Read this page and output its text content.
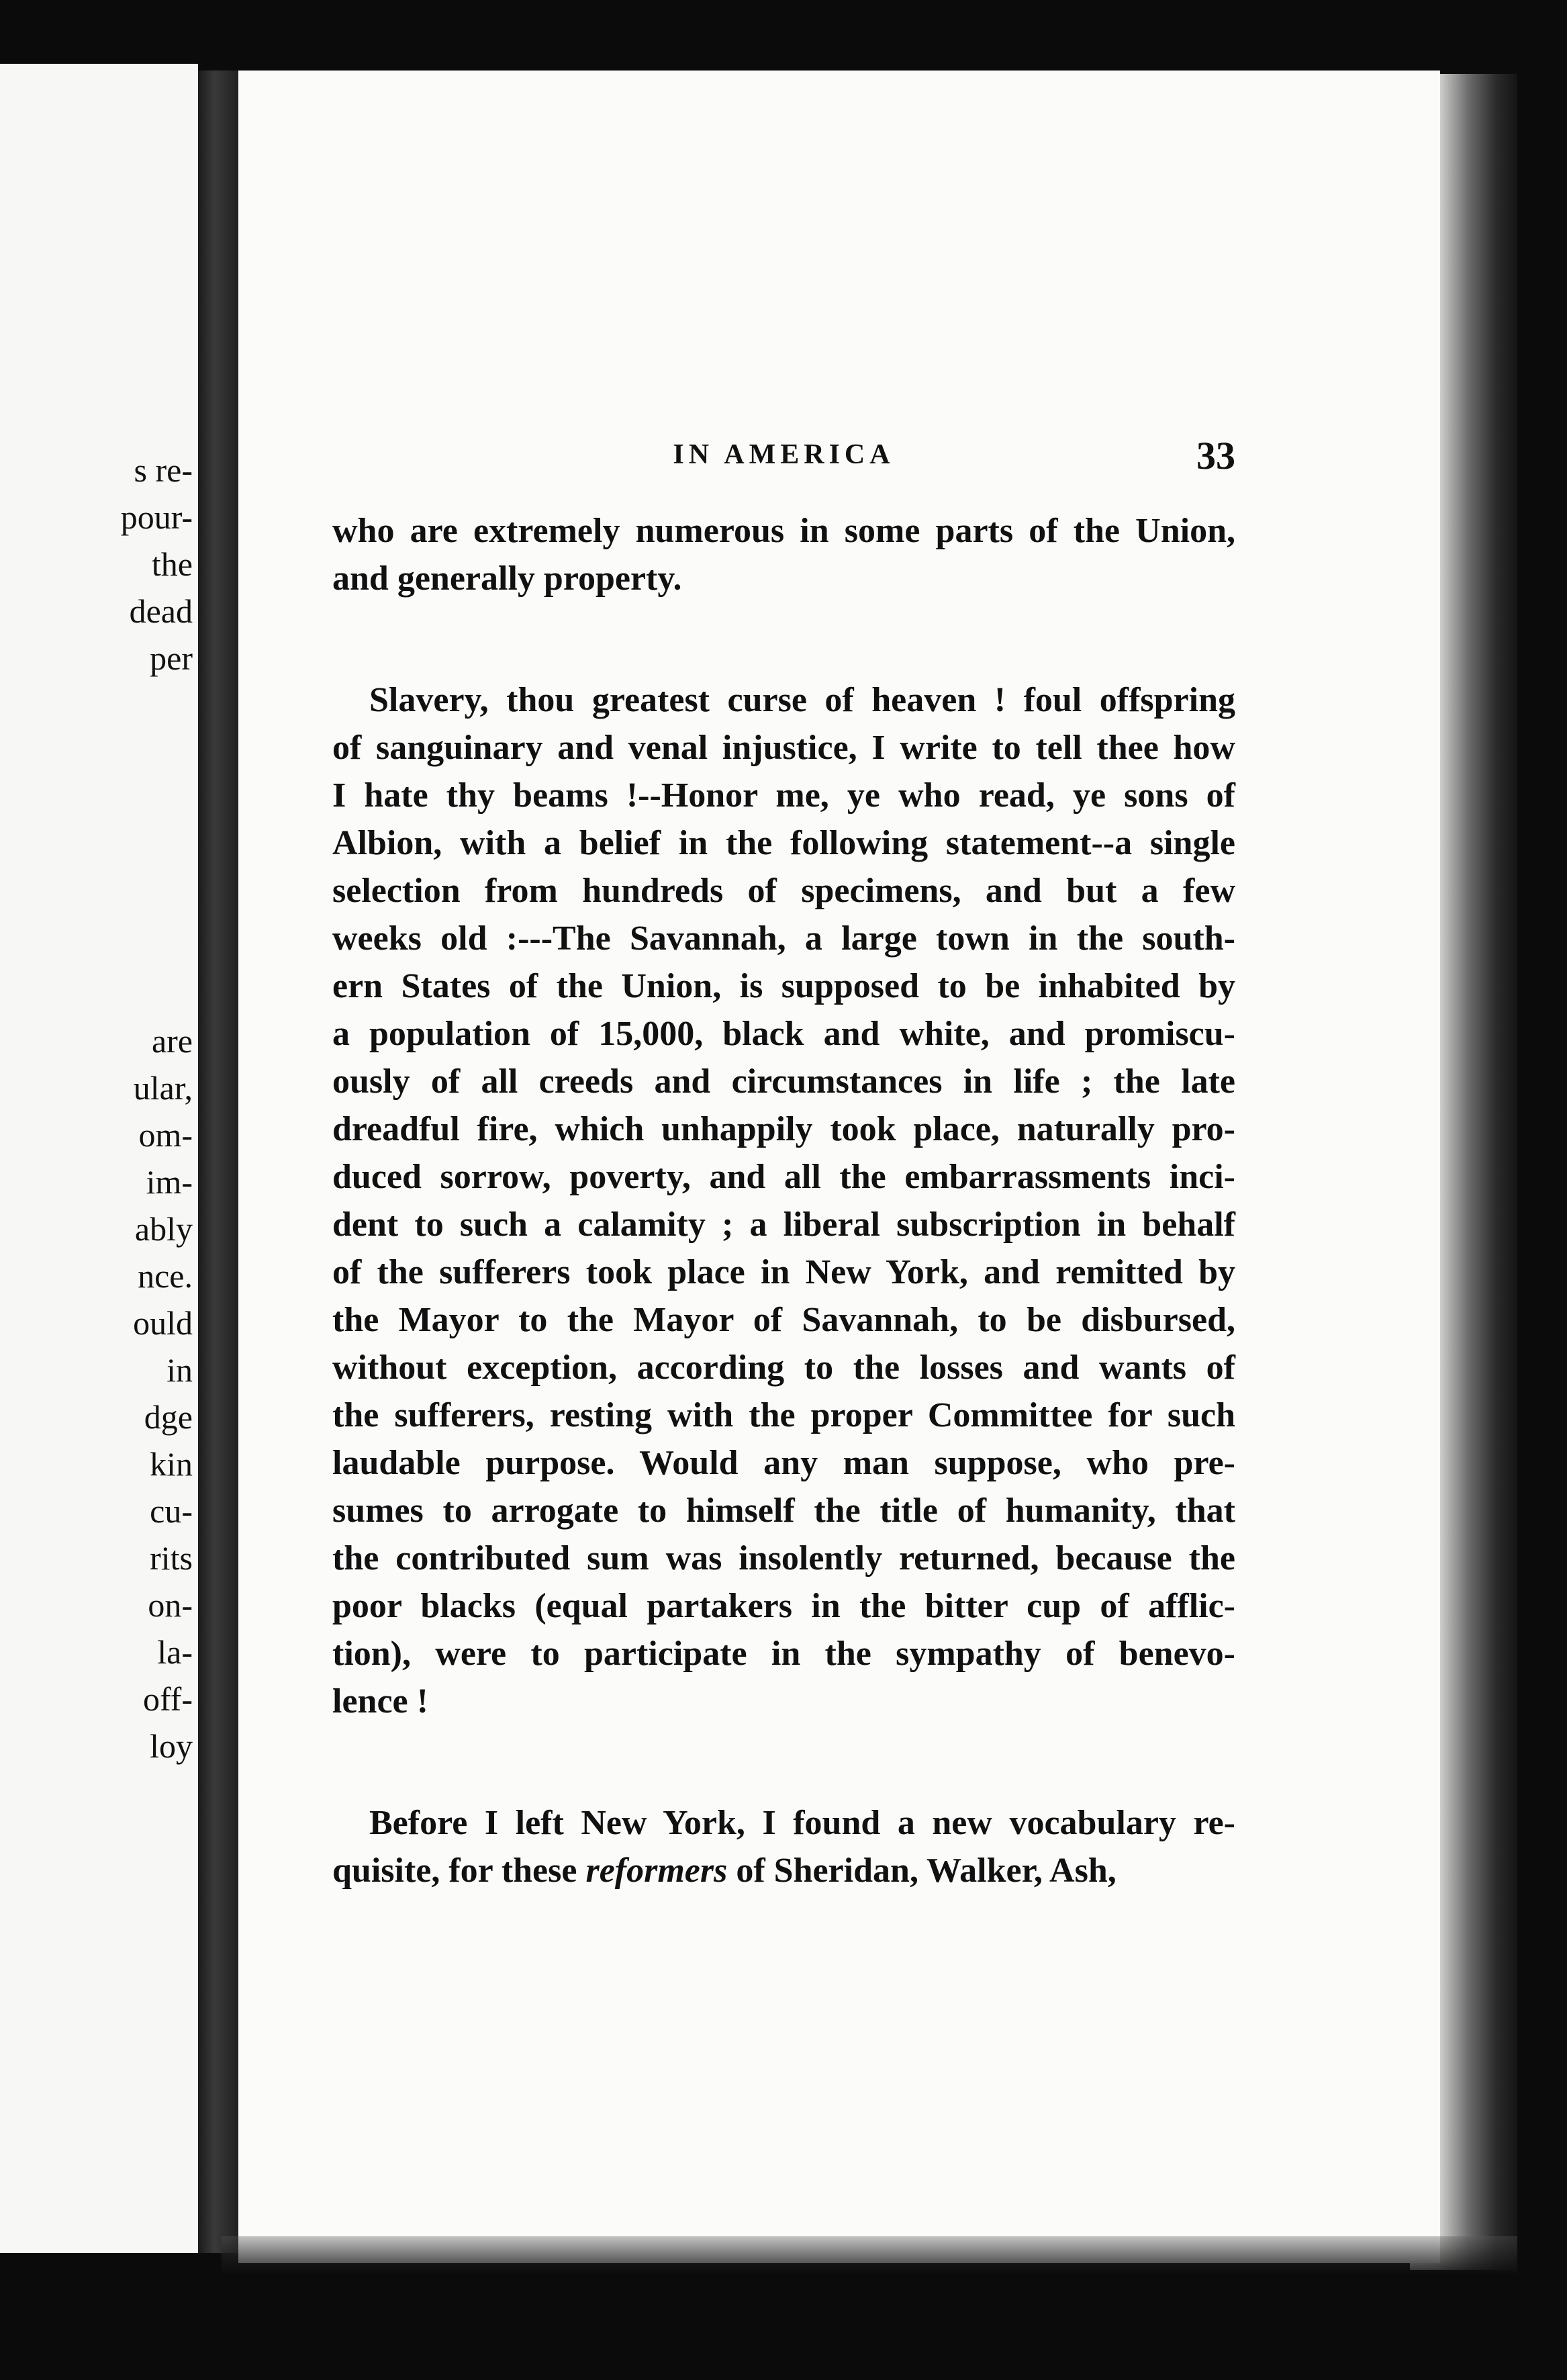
s re-
pour-
the
dead
per
are
ular,
om-
im-
ably
nce.
ould
in
dge
kin
cu-
rits
on-
la-
off-
loy
IN AMERICA	33
who are extremely numerous in some parts of the Union,
and generally property.
Slavery, thou greatest curse of heaven ! foul offspring
of sanguinary and venal injustice, I write to tell thee how
I hate thy beams !--Honor me, ye who read, ye sons of
Albion, with a belief in the following statement--a single
selection from hundreds of specimens, and but a few
weeks old :---The Savannah, a large town in the south-
ern States of the Union, is supposed to be inhabited by
a population of 15,000, black and white, and promiscu-
ously of all creeds and circumstances in life ; the late
dreadful fire, which unhappily took place, naturally pro-
duced sorrow, poverty, and all the embarrassments inci-
dent to such a calamity ; a liberal subscription in behalf
of the sufferers took place in New York, and remitted by
the Mayor to the Mayor of Savannah, to be disbursed,
without exception, according to the losses and wants of
the sufferers, resting with the proper Committee for such
laudable purpose. Would any man suppose, who pre-
sumes to arrogate to himself the title of humanity, that
the contributed sum was insolently returned, because the
poor blacks (equal partakers in the bitter cup of afflic-
tion), were to participate in the sympathy of benevo-
lence !
Before I left New York, I found a new vocabulary re-
quisite, for these reformers of Sheridan, Walker, Ash,
